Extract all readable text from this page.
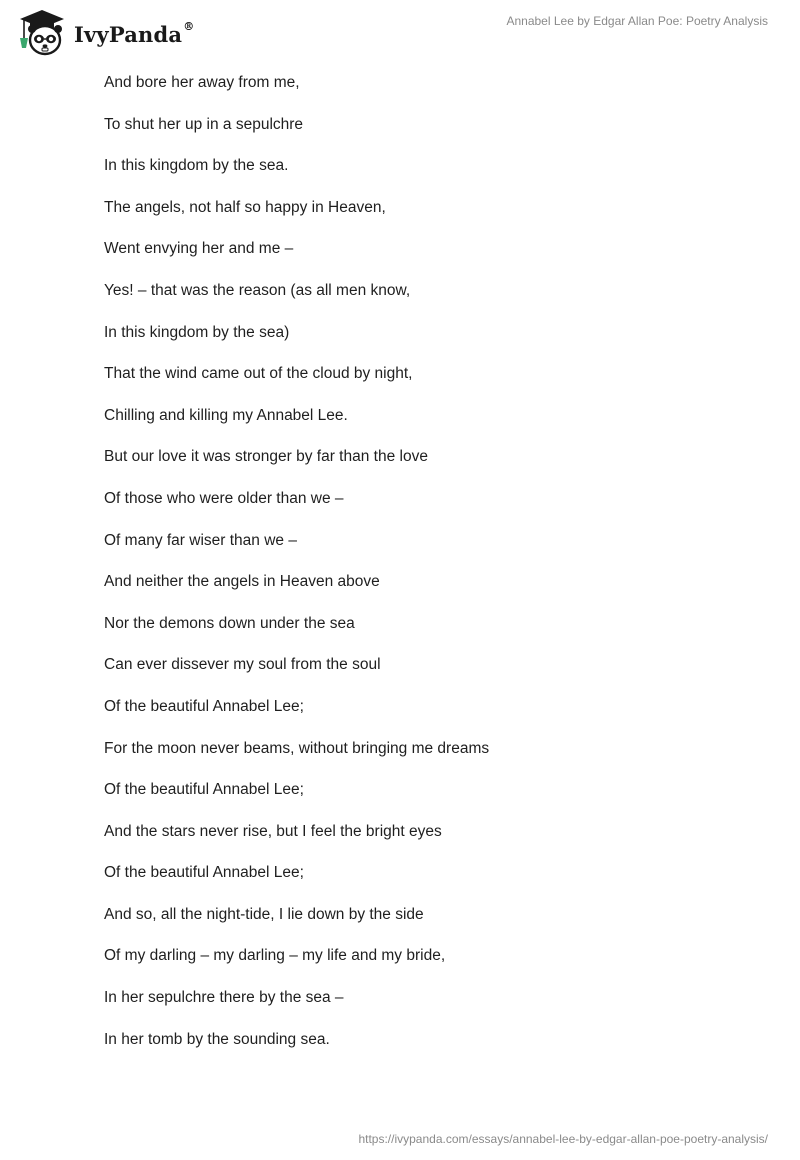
IvyPanda®	Annabel Lee by Edgar Allan Poe: Poetry Analysis
And bore her away from me,
To shut her up in a sepulchre
In this kingdom by the sea.
The angels, not half so happy in Heaven,
Went envying her and me –
Yes! – that was the reason (as all men know,
In this kingdom by the sea)
That the wind came out of the cloud by night,
Chilling and killing my Annabel Lee.
But our love it was stronger by far than the love
Of those who were older than we –
Of many far wiser than we –
And neither the angels in Heaven above
Nor the demons down under the sea
Can ever dissever my soul from the soul
Of the beautiful Annabel Lee;
For the moon never beams, without bringing me dreams
Of the beautiful Annabel Lee;
And the stars never rise, but I feel the bright eyes
Of the beautiful Annabel Lee;
And so, all the night-tide, I lie down by the side
Of my darling – my darling – my life and my bride,
In her sepulchre there by the sea –
In her tomb by the sounding sea.
https://ivypanda.com/essays/annabel-lee-by-edgar-allan-poe-poetry-analysis/
